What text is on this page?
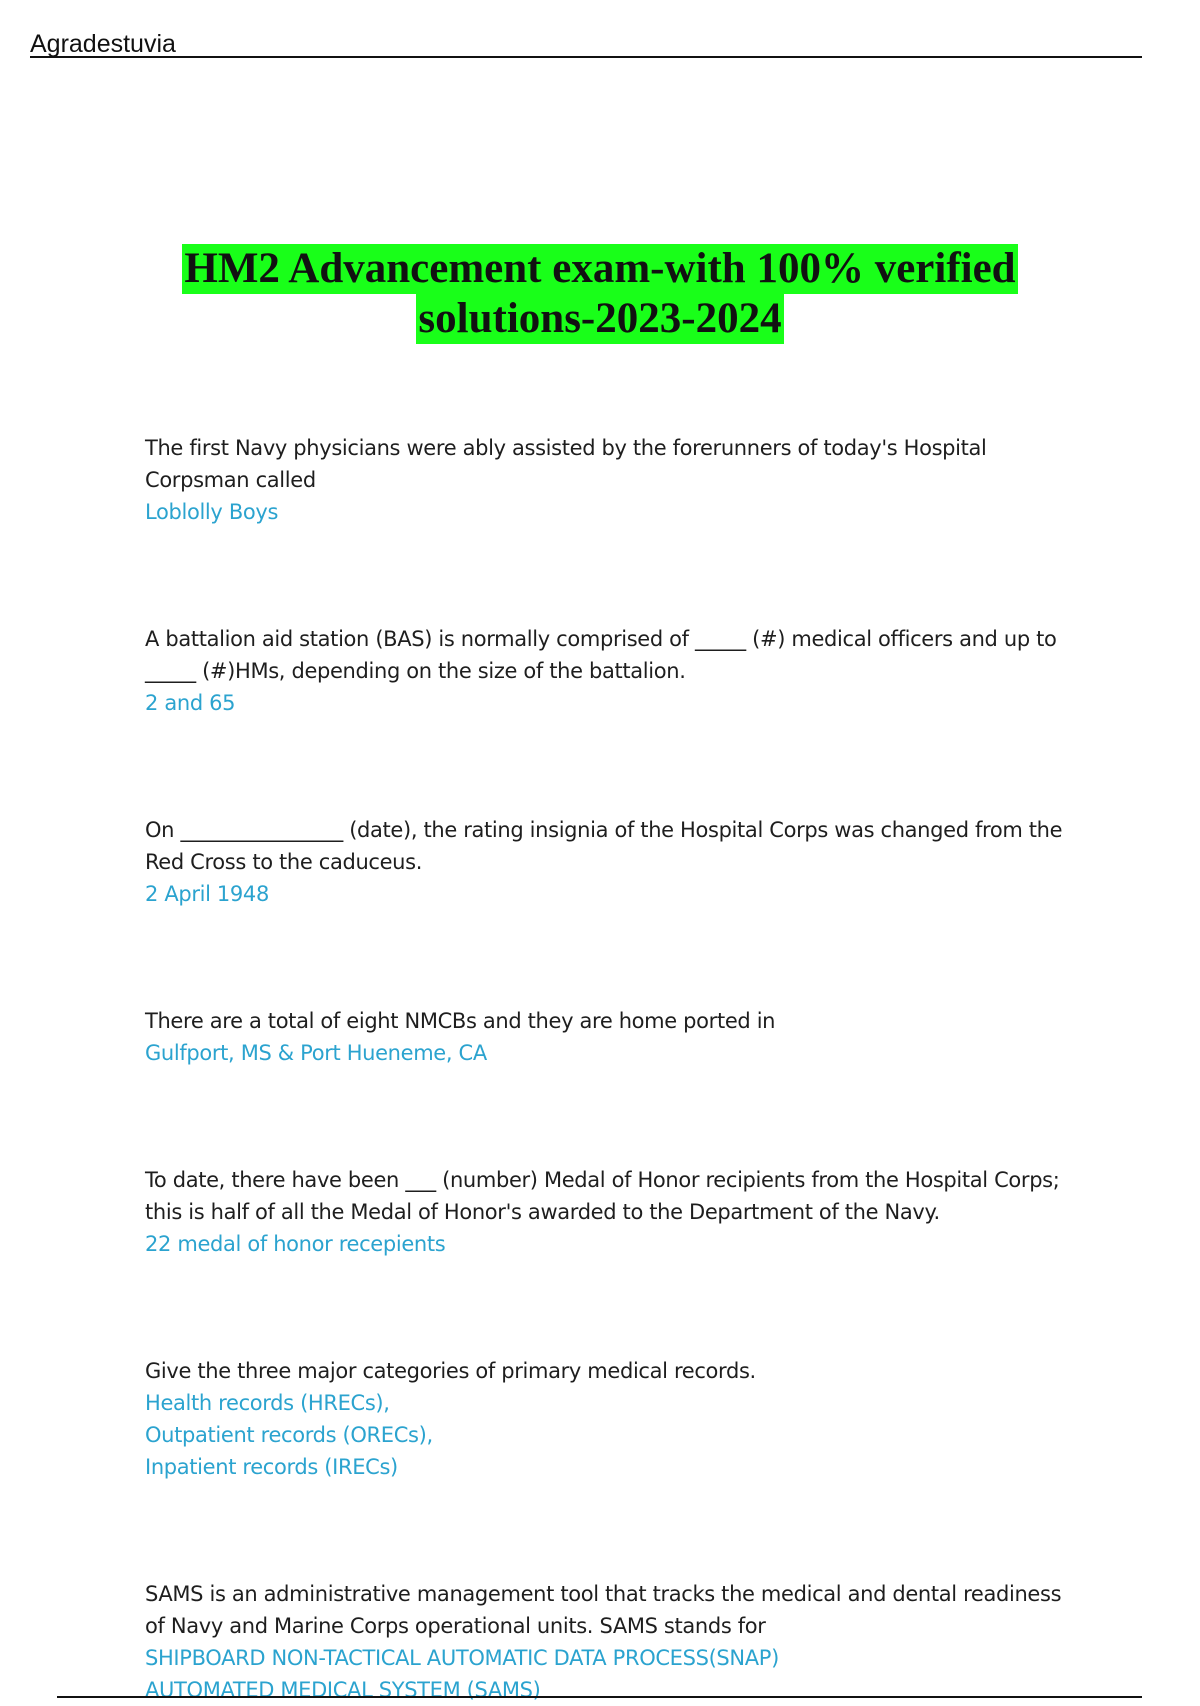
Agradestuvia
HM2 Advancement exam-with 100% verified
solutions-2023-2024

The first Navy physicians were ably assisted by the forerunners of today's Hospital Corpsman called

Loblolly Boys

A battalion aid station (BAS) is normally comprised of _____ (#) medical officers and up to _____ (#)HMs, depending on the size of the battalion.

2 and 65

On ________________ (date), the rating insignia of the Hospital Corps was changed from the Red Cross to the caduceus.

2 April 1948

There are a total of eight NMCBs and they are home ported in

Gulfport, MS & Port Hueneme, CA

To date, there have been ___ (number) Medal of Honor recipients from the Hospital Corps; this is half of all the Medal of Honor's awarded to the Department of the Navy.

22 medal of honor recepients

Give the three major categories of primary medical records.

Health records (HRECs),
Outpatient records (ORECs),
Inpatient records (IRECs)

SAMS is an administrative management tool that tracks the medical and dental readiness of Navy and Marine Corps operational units. SAMS stands for

SHIPBOARD NON-TACTICAL AUTOMATIC DATA PROCESS(SNAP)
AUTOMATED MEDICAL SYSTEM (SAMS)
